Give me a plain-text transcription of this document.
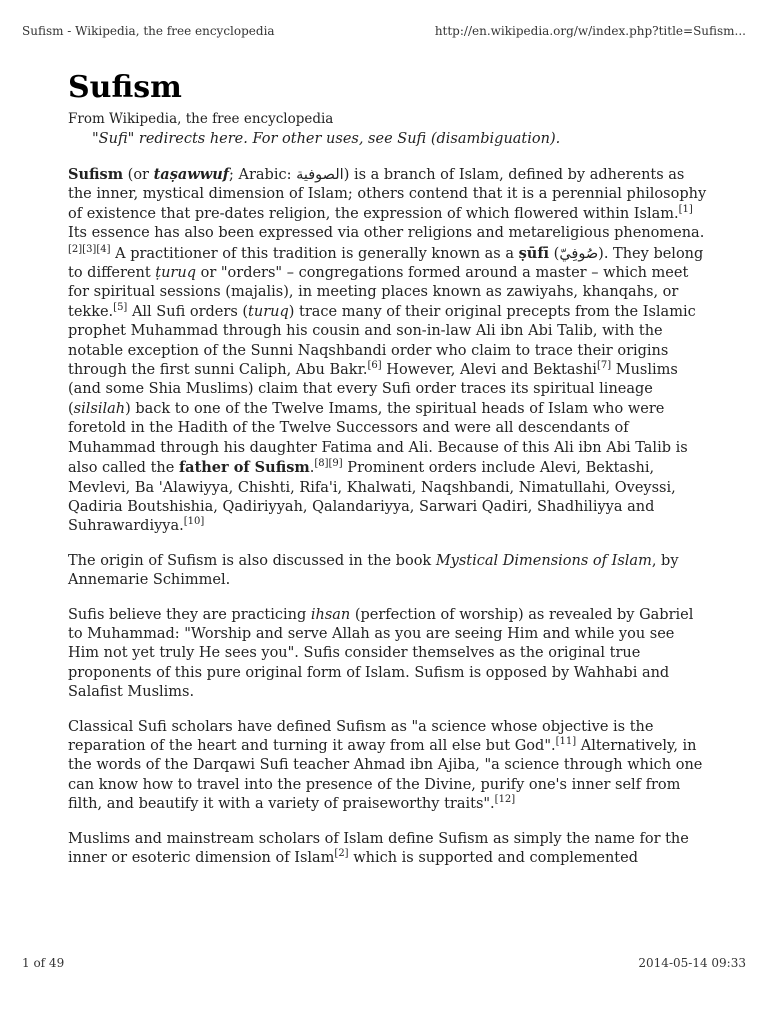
Sufism - Wikipedia, the free encyclopedia	http://en.wikipedia.org/w/index.php?title=Sufism...
Sufism
From Wikipedia, the free encyclopedia
"Sufi" redirects here. For other uses, see Sufi (disambiguation).

Sufism (or taṣawwuf; Arabic: الصوفية) is a branch of Islam, defined by adherents as the inner, mystical dimension of Islam; others contend that it is a perennial philosophy of existence that pre-dates religion, the expression of which flowered within Islam.[1] Its essence has also been expressed via other religions and metareligious phenomena.[2][3][4] A practitioner of this tradition is generally known as a ṣūfī (صُوفِيّ). They belong to different ṭuruq or "orders" – congregations formed around a master – which meet for spiritual sessions (majalis), in meeting places known as zawiyahs, khanqahs, or tekke.[5] All Sufi orders (turuq) trace many of their original precepts from the Islamic prophet Muhammad through his cousin and son-in-law Ali ibn Abi Talib, with the notable exception of the Sunni Naqshbandi order who claim to trace their origins through the first sunni Caliph, Abu Bakr.[6] However, Alevi and Bektashi[7] Muslims (and some Shia Muslims) claim that every Sufi order traces its spiritual lineage (silsilah) back to one of the Twelve Imams, the spiritual heads of Islam who were foretold in the Hadith of the Twelve Successors and were all descendants of Muhammad through his daughter Fatima and Ali. Because of this Ali ibn Abi Talib is also called the father of Sufism.[8][9] Prominent orders include Alevi, Bektashi, Mevlevi, Ba 'Alawiyya, Chishti, Rifa'i, Khalwati, Naqshbandi, Nimatullahi, Oveyssi, Qadiria Boutshishia, Qadiriyyah, Qalandariyya, Sarwari Qadiri, Shadhiliyya and Suhrawardiyya.[10]

The origin of Sufism is also discussed in the book Mystical Dimensions of Islam, by Annemarie Schimmel.

Sufis believe they are practicing ihsan (perfection of worship) as revealed by Gabriel to Muhammad: "Worship and serve Allah as you are seeing Him and while you see Him not yet truly He sees you". Sufis consider themselves as the original true proponents of this pure original form of Islam. Sufism is opposed by Wahhabi and Salafist Muslims.

Classical Sufi scholars have defined Sufism as "a science whose objective is the reparation of the heart and turning it away from all else but God".[11] Alternatively, in the words of the Darqawi Sufi teacher Ahmad ibn Ajiba, "a science through which one can know how to travel into the presence of the Divine, purify one's inner self from filth, and beautify it with a variety of praiseworthy traits".[12]

Muslims and mainstream scholars of Islam define Sufism as simply the name for the inner or esoteric dimension of Islam[2] which is supported and complemented

1 of 49	2014-05-14 09:33
